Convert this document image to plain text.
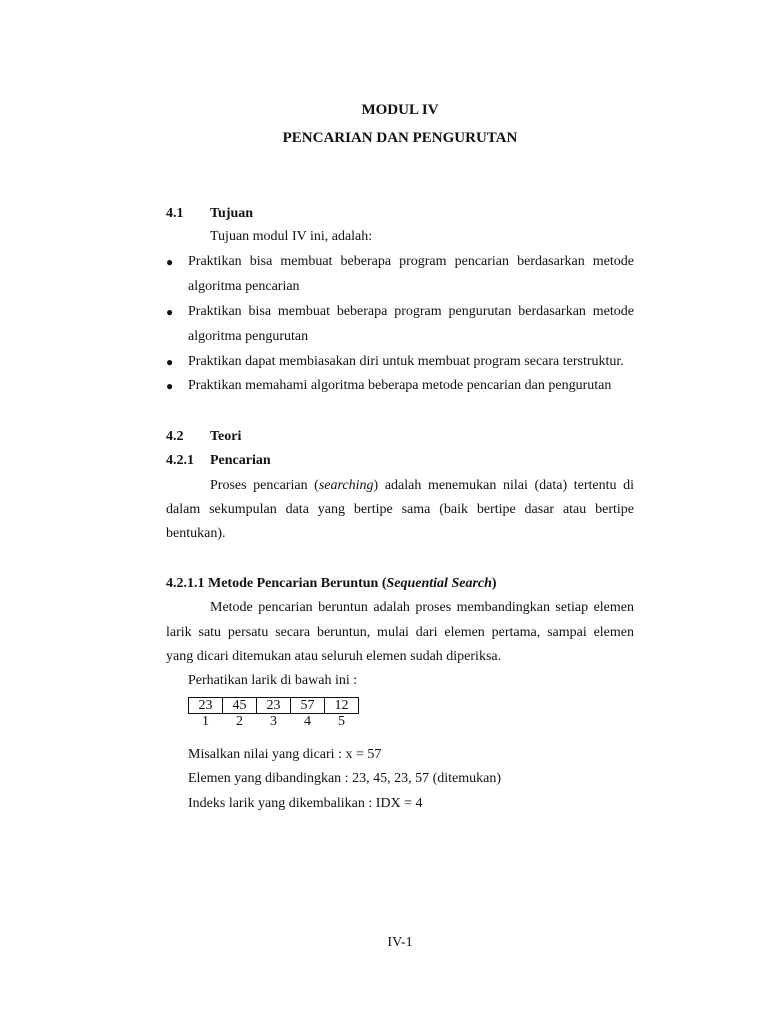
MODUL IV
PENCARIAN DAN PENGURUTAN
4.1 Tujuan
Tujuan modul IV ini, adalah:
● Praktikan bisa membuat beberapa program pencarian berdasarkan metode
algoritma pencarian
● Praktikan bisa membuat beberapa program pengurutan berdasarkan metode
algoritma pengurutan
● Praktikan dapat membiasakan diri untuk membuat program secara terstruktur.
● Praktikan memahami algoritma beberapa metode pencarian dan pengurutan
4.2 Teori
4.2.1 Pencarian
Proses pencarian (searching) adalah menemukan nilai (data) tertentu di
dalam sekumpulan data yang bertipe sama (baik bertipe dasar atau bertipe
bentukan).
4.2.1.1 Metode Pencarian Beruntun (Sequential Search)
Metode pencarian beruntun adalah proses membandingkan setiap elemen
larik satu persatu secara beruntun, mulai dari elemen pertama, sampai elemen
yang dicari ditemukan atau seluruh elemen sudah diperiksa.
Perhatikan larik di bawah ini :
23	45	23	57	12
1	2	3	4	5
Misalkan nilai yang dicari : x = 57
Elemen yang dibandingkan : 23, 45, 23, 57 (ditemukan)
Indeks larik yang dikembalikan : IDX = 4
IV-1
